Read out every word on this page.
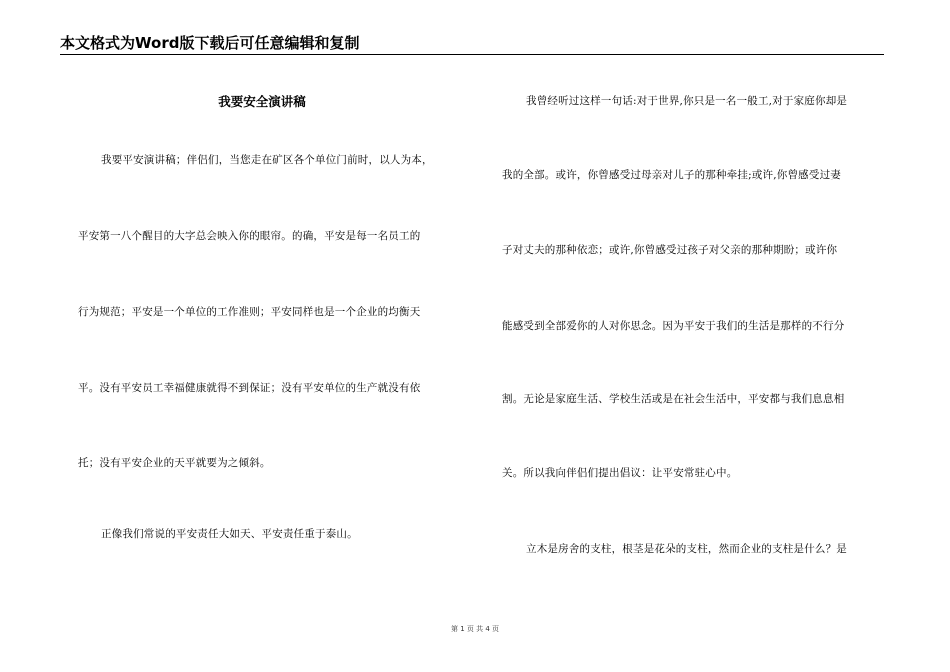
本文格式为Word版下载后可任意编辑和复制
我要安全演讲稿
我要平安演讲稿；伴侣们，当您走在矿区各个单位门前时，以人为本，
平安第一八个醒目的大字总会映入你的眼帘。的确，平安是每一名员工的
行为规范；平安是一个单位的工作准则；平安同样也是一个企业的均衡天
平。没有平安员工幸福健康就得不到保证；没有平安单位的生产就没有依
托；没有平安企业的天平就要为之倾斜。
正像我们常说的平安责任大如天、平安责任重于泰山。
我曾经听过这样一句话:对于世界,你只是一名一般工,对于家庭你却是
我的全部。或许，你曾感受过母亲对儿子的那种牵挂;或许,你曾感受过妻
子对丈夫的那种依恋；或许,你曾感受过孩子对父亲的那种期盼；或许你
能感受到全部爱你的人对你思念。因为平安于我们的生活是那样的不行分
割。无论是家庭生活、学校生活或是在社会生活中，平安都与我们息息相
关。所以我向伴侣们提出倡议：让平安常驻心中。
立木是房舍的支柱，根茎是花朵的支柱，然而企业的支柱是什么？是
第 1 页 共 4 页
